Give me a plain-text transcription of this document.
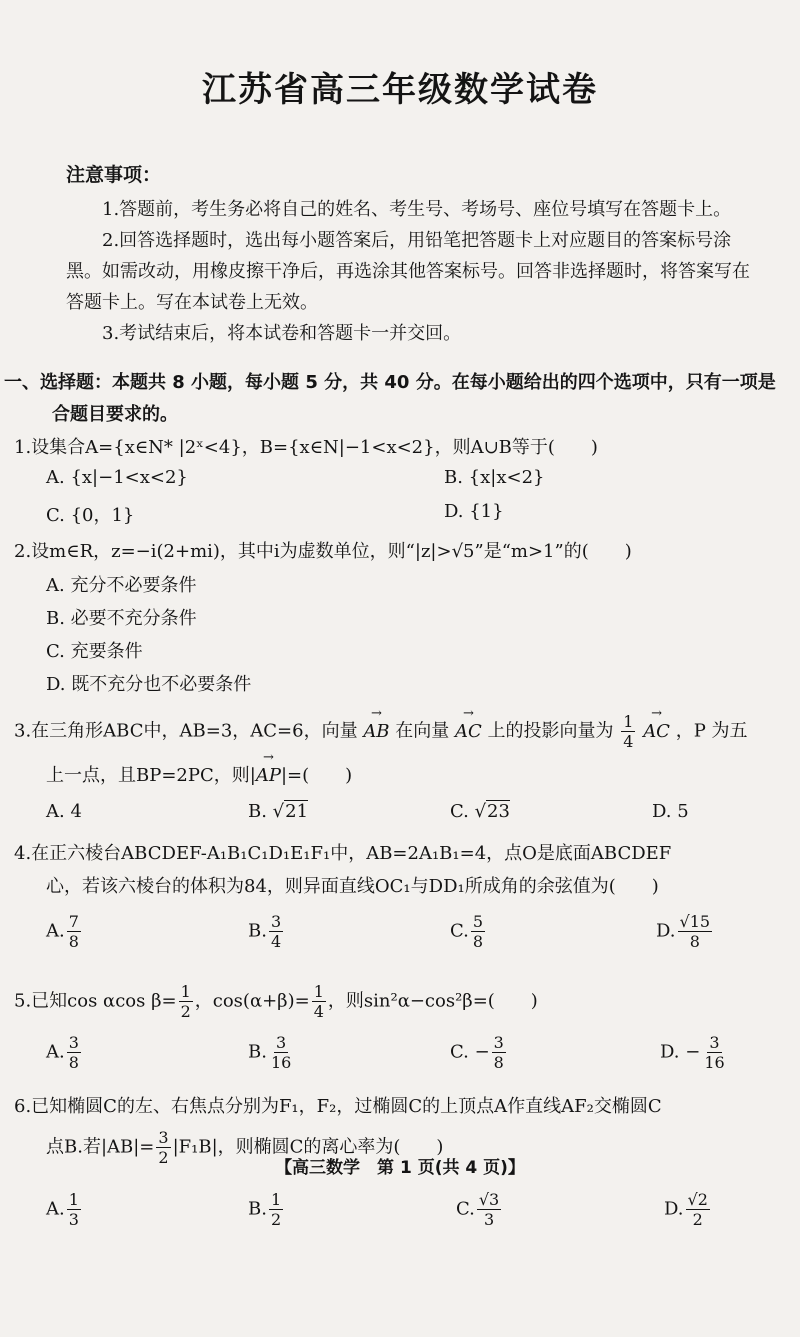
江苏省高三年级数学试卷
注意事项：
1.答题前，考生务必将自己的姓名、考生号、考场号、座位号填写在答题卡上。
2.回答选择题时，选出每小题答案后，用铅笔把答题卡上对应题目的答案标号涂
黑。如需改动，用橡皮擦干净后，再选涂其他答案标号。回答非选择题时，将答案写在
答题卡上。写在本试卷上无效。
3.考试结束后，将本试卷和答题卡一并交回。
一、选择题：本题共 8 小题，每小题 5 分，共 40 分。在每小题给出的四个选项中，只有一项是
合题目要求的。
1.设集合A={x∈N* |2ˣ<4}，B={x∈N|−1<x<2}，则A∪B等于(　　)
A. {x|−1<x<2}	B. {x|x<2}
C. {0，1}	D. {1}
2.设m∈R，z=−i(2+mi)，其中i为虚数单位，则“|z|>√5”是“m>1”的(　　)
A. 充分不必要条件
B. 必要不充分条件
C. 充要条件
D. 既不充分也不必要条件
3.在三角形ABC中，AB=3，AC=6，向量 → AB 在向量 → AC 上的投影向量为 $\frac{1}{4}$ → AC ，P 为五
上一点，且BP=2PC，则|→ AP|=(　　)
A. 4	B. √21	C. √23	D. 5
4.在正六棱台ABCDEF-A₁B₁C₁D₁E₁F₁中，AB=2A₁B₁=4，点O是底面ABCDEF
心，若该六棱台的体积为84，则异面直线OC₁与DD₁所成角的余弦值为(　　)
A. $\frac{7}{8}$	B. $\frac{3}{4}$	C. $\frac{5}{8}$	D. $\frac{√15}{8}$
5.已知cos αcos $\beta= \frac{1}{2}$ ，$\cos(\alpha+\beta)= \frac{1}{4}$ ，则sin²α−cos²β=(　　)
A. $\frac{3}{8}$	B. $\frac{3}{16}$	C. − $\frac{3}{8}$	D. − $\frac{3}{16}$
6.已知椭圆C的左、右焦点分别为F₁，F₂，过椭圆C的上顶点A作直线AF₂交椭圆C
点B.若$|AB|= \frac{3}{2} |F_1B|$，则椭圆C的离心率为(　　)
【高三数学　第 1 页(共 4 页)】
A. $\frac{1}{3}$	B. $\frac{1}{2}$	C. $\frac{√3}{3}$	D. $\frac{√2}{2}$
